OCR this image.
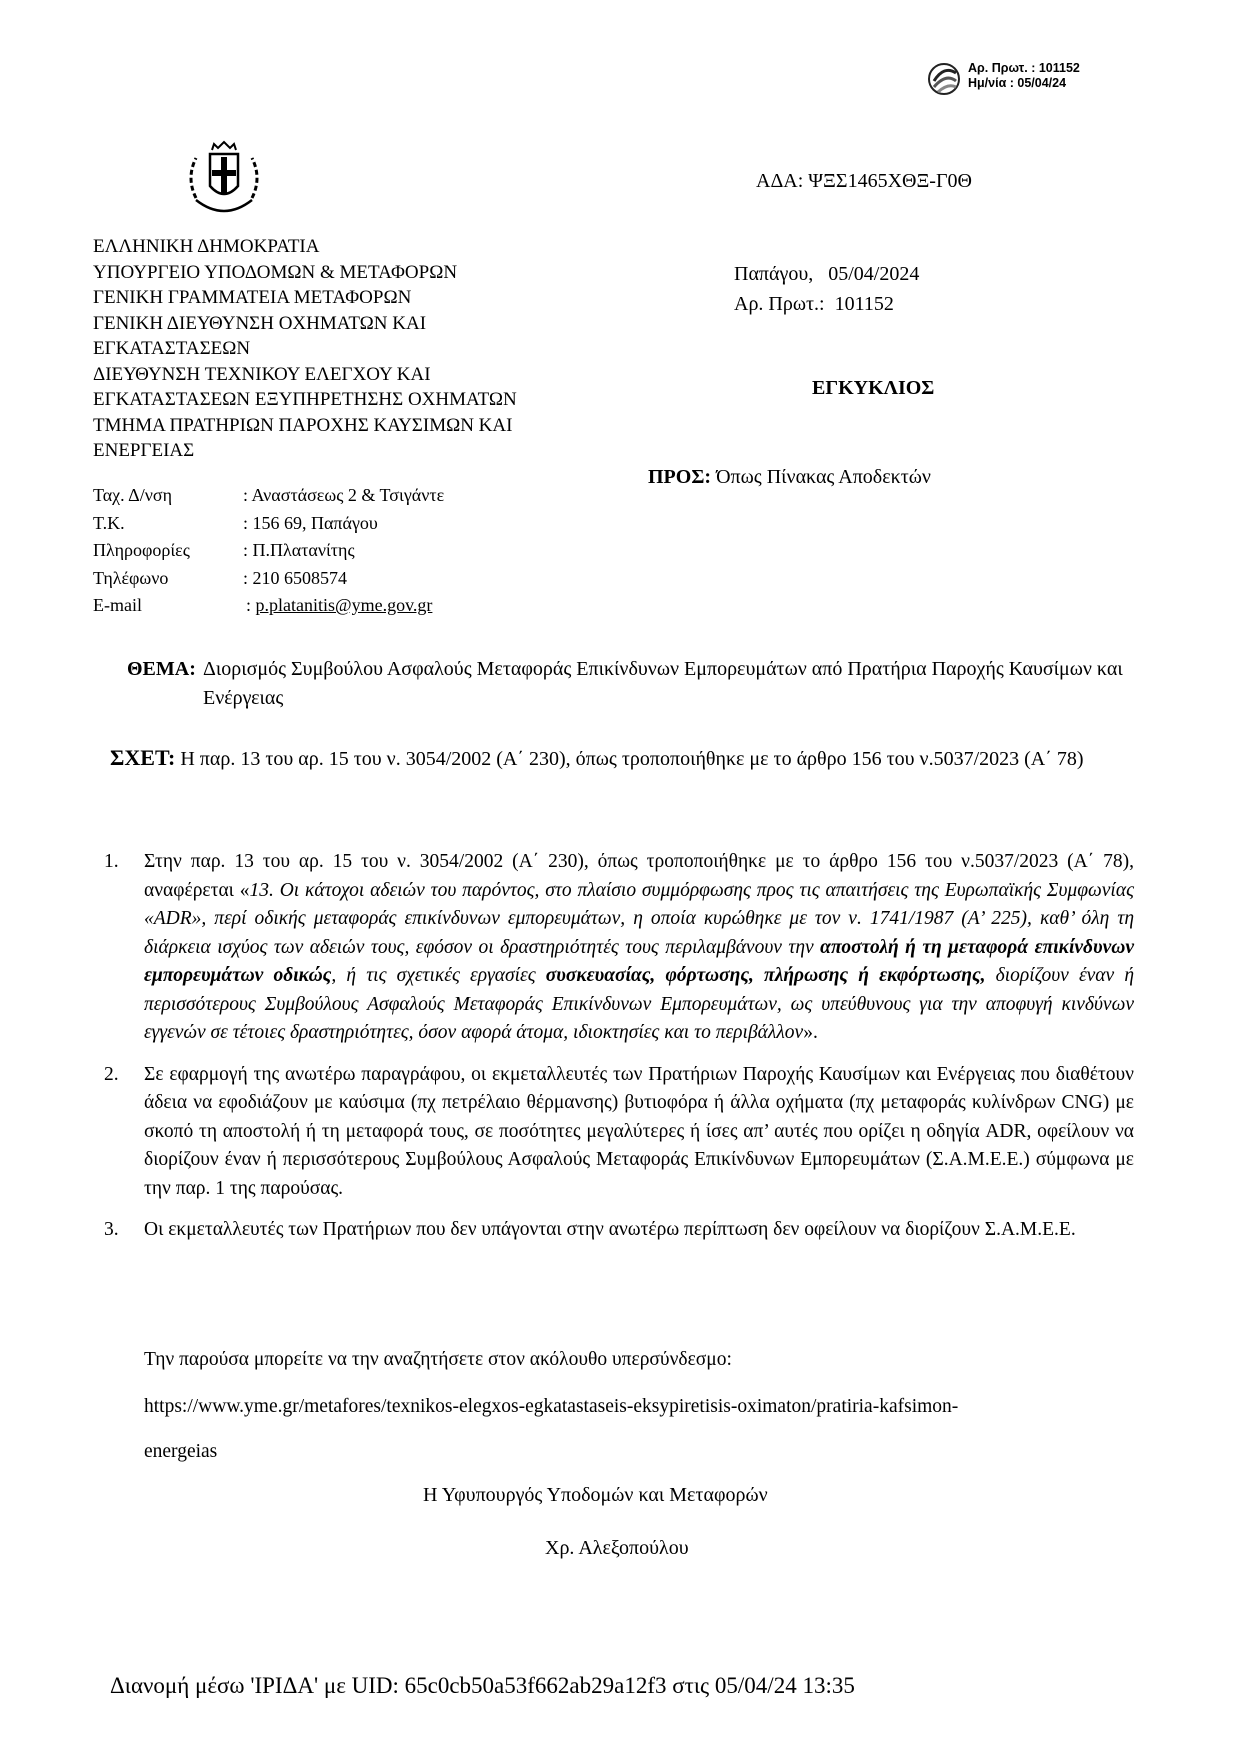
Αρ. Πρωτ. : 101152
Ημ/νία : 05/04/24
ΑΔΑ: ΨΞΣ1465ΧΘΞ-Γ0Θ
ΕΛΛΗΝΙΚΗ ΔΗΜΟΚΡΑΤΙΑ
ΥΠΟΥΡΓΕΙΟ ΥΠΟΔΟΜΩΝ & ΜΕΤΑΦΟΡΩΝ
ΓΕΝΙΚΗ ΓΡΑΜΜΑΤΕΙΑ ΜΕΤΑΦΟΡΩΝ
ΓΕΝΙΚΗ ΔΙΕΥΘΥΝΣΗ ΟΧΗΜΑΤΩΝ ΚΑΙ
ΕΓΚΑΤΑΣΤΑΣΕΩΝ
ΔΙΕΥΘΥΝΣΗ ΤΕΧΝΙΚΟΥ ΕΛΕΓΧΟΥ ΚΑΙ
ΕΓΚΑΤΑΣΤΑΣΕΩΝ ΕΞΥΠΗΡΕΤΗΣΗΣ ΟΧΗΜΑΤΩΝ
ΤΜΗΜΑ ΠΡΑΤΗΡΙΩΝ ΠΑΡΟΧΗΣ ΚΑΥΣΙΜΩΝ ΚΑΙ
ΕΝΕΡΓΕΙΑΣ
Ταχ. Δ/νση	: Αναστάσεως 2 & Τσιγάντε
Τ.Κ.	: 156 69, Παπάγου
Πληροφορίες	: Π.Πλατανίτης
Τηλέφωνο	: 210 6508574
E-mail	: p.platanitis@yme.gov.gr
Παπάγου,   05/04/2024
Αρ. Πρωτ.:  101152
ΕΓΚΥΚΛΙΟΣ
ΠΡΟΣ: Όπως Πίνακας Αποδεκτών
ΘΕΜΑ: Διορισμός Συμβούλου Ασφαλούς Μεταφοράς Επικίνδυνων Εμπορευμάτων από Πρατήρια Παροχής Καυσίμων και Ενέργειας
ΣΧΕΤ: Η παρ. 13 του αρ. 15 του ν. 3054/2002 (Α΄ 230), όπως τροποποιήθηκε με το άρθρο 156 του ν.5037/2023 (Α΄ 78)
1.	Στην παρ. 13 του αρ. 15 του ν. 3054/2002 (Α΄ 230), όπως τροποποιήθηκε με το άρθρο 156 του ν.5037/2023 (Α΄ 78), αναφέρεται «13. Οι κάτοχοι αδειών του παρόντος, στο πλαίσιο συμμόρφωσης προς τις απαιτήσεις της Ευρωπαϊκής Συμφωνίας «ADR», περί οδικής μεταφοράς επικίνδυνων εμπορευμάτων, η οποία κυρώθηκε με τον ν. 1741/1987 (Α’ 225), καθ’ όλη τη διάρκεια ισχύος των αδειών τους, εφόσον οι δραστηριότητές τους περιλαμβάνουν την αποστολή ή τη μεταφορά επικίνδυνων εμπορευμάτων οδικώς, ή τις σχετικές εργασίες συσκευασίας, φόρτωσης, πλήρωσης ή εκφόρτωσης, διορίζουν έναν ή περισσότερους Συμβούλους Ασφαλούς Μεταφοράς Επικίνδυνων Εμπορευμάτων, ως υπεύθυνους για την αποφυγή κινδύνων εγγενών σε τέτοιες δραστηριότητες, όσον αφορά άτομα, ιδιοκτησίες και το περιβάλλον».
2.	Σε εφαρμογή της ανωτέρω παραγράφου, οι εκμεταλλευτές των Πρατήριων Παροχής Καυσίμων και Ενέργειας που διαθέτουν άδεια να εφοδιάζουν με καύσιμα (πχ πετρέλαιο θέρμανσης) βυτιοφόρα ή άλλα οχήματα (πχ μεταφοράς κυλίνδρων CNG) με σκοπό τη αποστολή ή τη μεταφορά τους, σε ποσότητες μεγαλύτερες ή ίσες απ’ αυτές που ορίζει η οδηγία ADR, οφείλουν να διορίζουν έναν ή περισσότερους Συμβούλους Ασφαλούς Μεταφοράς Επικίνδυνων Εμπορευμάτων (Σ.Α.Μ.Ε.Ε.) σύμφωνα με την παρ. 1 της παρούσας.
3.	Οι εκμεταλλευτές των Πρατήριων που δεν υπάγονται στην ανωτέρω περίπτωση δεν οφείλουν να διορίζουν Σ.Α.Μ.Ε.Ε.
Την παρούσα μπορείτε να την αναζητήσετε στον ακόλουθο υπερσύνδεσμο:
https://www.yme.gr/metafores/texnikos-elegxos-egkatastaseis-eksypiretisis-oximaton/pratiria-kafsimon-
energeias
Η Υφυπουργός Υποδομών και Μεταφορών
Χρ. Αλεξοπούλου
Διανομή μέσω 'ΙΡΙΔΑ' με UID: 65c0cb50a53f662ab29a12f3 στις 05/04/24 13:35
